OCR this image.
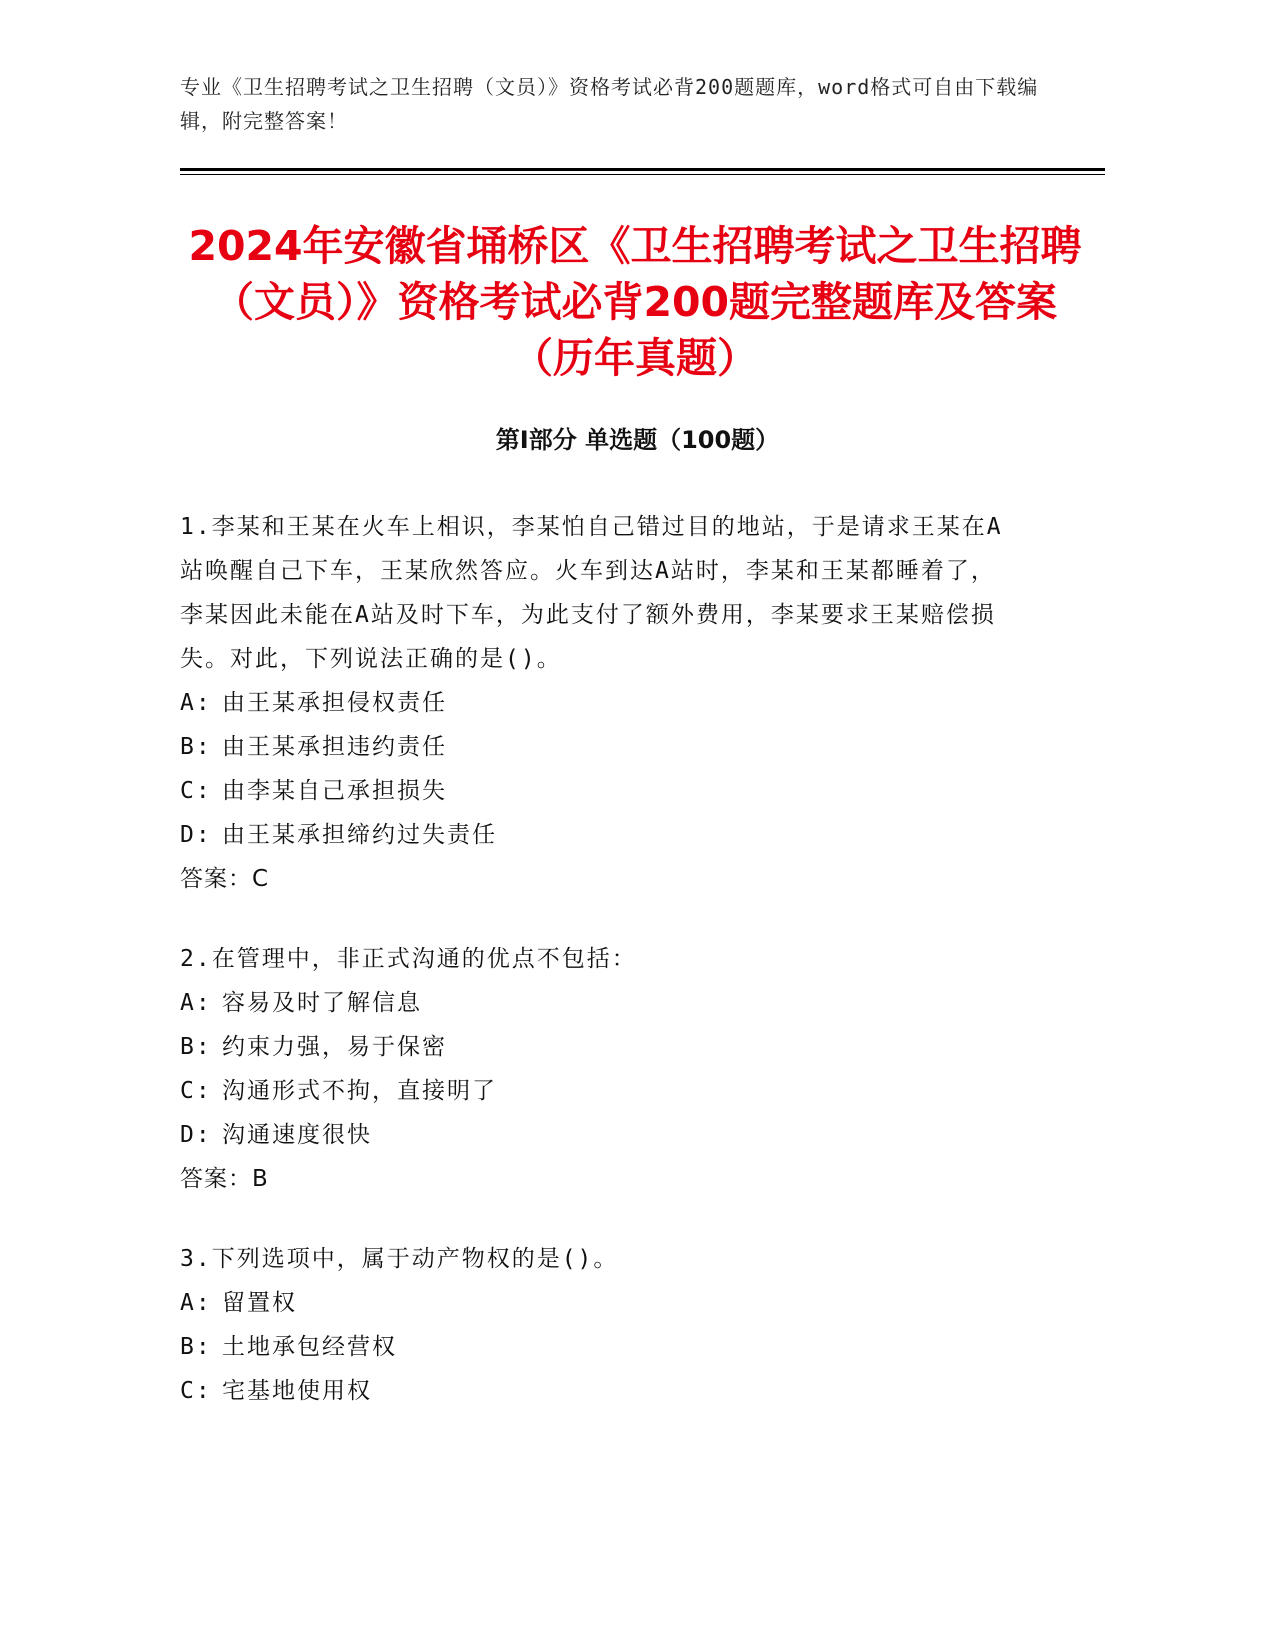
专业《卫生招聘考试之卫生招聘（文员）》资格考试必背200题题库，word格式可自由下载编辑，附完整答案！
2024年安徽省埇桥区《卫生招聘考试之卫生招聘（文员）》资格考试必背200题完整题库及答案（历年真题）
第Ⅰ部分 单选题（100题）

1.李某和王某在火车上相识，李某怕自己错过目的地站，于是请求王某在A站唤醒自己下车，王某欣然答应。火车到达A站时，李某和王某都睡着了，李某因此未能在A站及时下车，为此支付了额外费用，李某要求王某赔偿损失。对此，下列说法正确的是()。

A: 由王某承担侵权责任

B: 由王某承担违约责任

C: 由李某自己承担损失

D: 由王某承担缔约过失责任

答案：C

2.在管理中，非正式沟通的优点不包括：

A: 容易及时了解信息

B: 约束力强，易于保密

C: 沟通形式不拘，直接明了

D: 沟通速度很快

答案：B

3.下列选项中，属于动产物权的是()。

A: 留置权

B: 土地承包经营权

C: 宅基地使用权
